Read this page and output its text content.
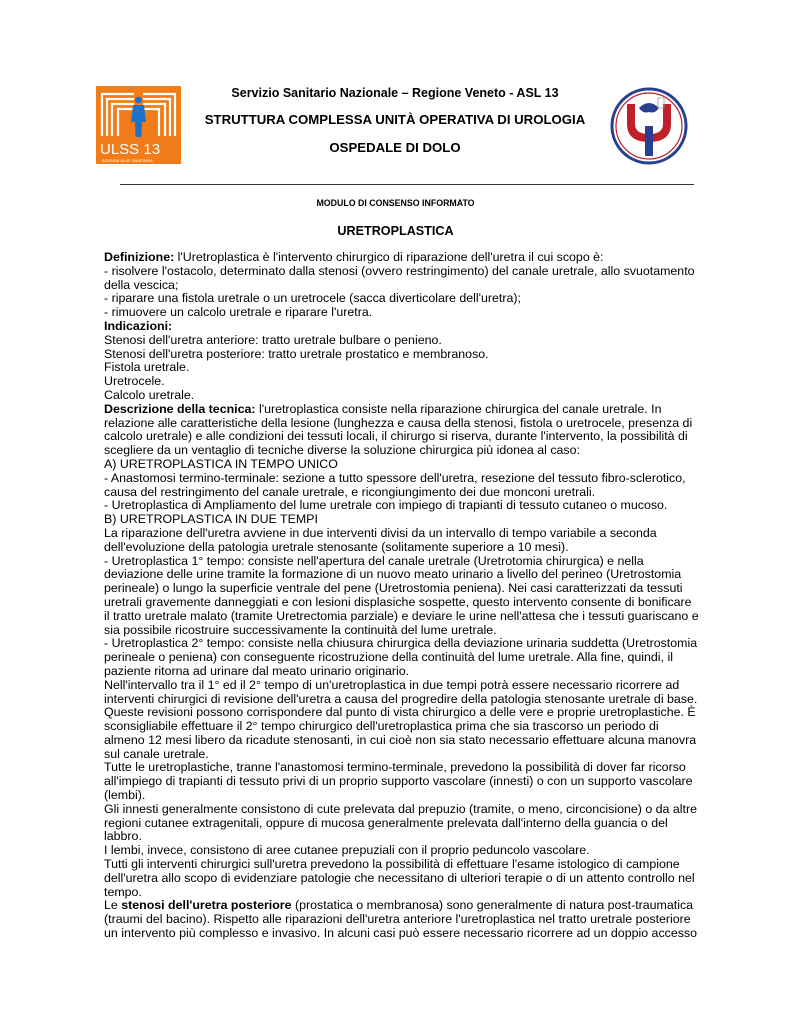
ULSS 13
AZIENDA ULSS SANITARIA
Servizio Sanitario Nazionale – Regione Veneto - ASL 13
STRUTTURA COMPLESSA UNITÀ OPERATIVA DI UROLOGIA
OSPEDALE DI DOLO
MODULO DI CONSENSO INFORMATO
URETROPLASTICA
Definizione: l'Uretroplastica è l'intervento chirurgico di riparazione dell'uretra il cui scopo è:
- risolvere l'ostacolo, determinato dalla stenosi (ovvero restringimento) del canale uretrale, allo svuotamento
della vescica;
- riparare una fistola uretrale o un uretrocele (sacca diverticolare dell'uretra);
- rimuovere un calcolo uretrale e riparare l'uretra.
Indicazioni:
Stenosi dell'uretra anteriore: tratto uretrale bulbare o penieno.
Stenosi dell'uretra posteriore: tratto uretrale prostatico e membranoso.
Fistola uretrale.
Uretrocele.
Calcolo uretrale.
Descrizione della tecnica: l'uretroplastica consiste nella riparazione chirurgica del canale uretrale. In
relazione alle caratteristiche della lesione (lunghezza e causa della stenosi, fistola o uretrocele, presenza di
calcolo uretrale) e alle condizioni dei tessuti locali, il chirurgo si riserva, durante l'intervento, la possibilità di
scegliere da un ventaglio di tecniche diverse la soluzione chirurgica più idonea al caso:
A) URETROPLASTICA IN TEMPO UNICO
- Anastomosi termino-terminale: sezione a tutto spessore dell'uretra, resezione del tessuto fibro-sclerotico,
causa del restringimento del canale uretrale, e ricongiungimento dei due monconi uretrali.
- Uretroplastica di Ampliamento del lume uretrale con impiego di trapianti di tessuto cutaneo o mucoso.
B) URETROPLASTICA IN DUE TEMPI
La riparazione dell'uretra avviene in due interventi divisi da un intervallo di tempo variabile a seconda
dell'evoluzione della patologia uretrale stenosante (solitamente superiore a 10 mesi).
- Uretroplastica 1° tempo: consiste nell'apertura del canale uretrale (Uretrotomia chirurgica) e nella
deviazione delle urine tramite la formazione di un nuovo meato urinario a livello del perineo (Uretrostomia
perineale) o lungo la superficie ventrale del pene (Uretrostomia peniena). Nei casi caratterizzati da tessuti
uretrali gravemente danneggiati e con lesioni displasiche sospette, questo intervento consente di bonificare
il tratto uretrale malato (tramite Uretrectomia parziale) e deviare le urine nell'attesa che i tessuti guariscano e
sia possibile ricostruire successivamente la continuità del lume uretrale.
- Uretroplastica 2° tempo: consiste nella chiusura chirurgica della deviazione urinaria suddetta (Uretrostomia
perineale o peniena) con conseguente ricostruzione della continuità del lume uretrale. Alla fine, quindi, il
paziente ritorna ad urinare dal meato urinario originario.
Nell'intervallo tra il 1° ed il 2° tempo di un'uretroplastica in due tempi potrà essere necessario ricorrere ad
interventi chirurgici di revisione dell'uretra a causa del progredire della patologia stenosante uretrale di base.
Queste revisioni possono corrispondere dal punto di vista chirurgico a delle vere e proprie uretroplastiche. È
sconsigliabile effettuare il 2° tempo chirurgico dell'uretroplastica prima che sia trascorso un periodo di
almeno 12 mesi libero da ricadute stenosanti, in cui cioè non sia stato necessario effettuare alcuna manovra
sul canale uretrale.
Tutte le uretroplastiche, tranne l'anastomosi termino-terminale, prevedono la possibilità di dover far ricorso
all'impiego di trapianti di tessuto privi di un proprio supporto vascolare (innesti) o con un supporto vascolare
(lembi).
Gli innesti generalmente consistono di cute prelevata dal prepuzio (tramite, o meno, circoncisione) o da altre
regioni cutanee extragenitali, oppure di mucosa generalmente prelevata dall'interno della guancia o del
labbro.
I lembi, invece, consistono di aree cutanee prepuziali con il proprio peduncolo vascolare.
Tutti gli interventi chirurgici sull'uretra prevedono la possibilità di effettuare l'esame istologico di campione
dell'uretra allo scopo di evidenziare patologie che necessitano di ulteriori terapie o di un attento controllo nel
tempo.
Le stenosi dell'uretra posteriore (prostatica o membranosa) sono generalmente di natura post-traumatica
(traumi del bacino). Rispetto alle riparazioni dell'uretra anteriore l'uretroplastica nel tratto uretrale posteriore
un intervento più complesso e invasivo. In alcuni casi può essere necessario ricorrere ad un doppio accesso
